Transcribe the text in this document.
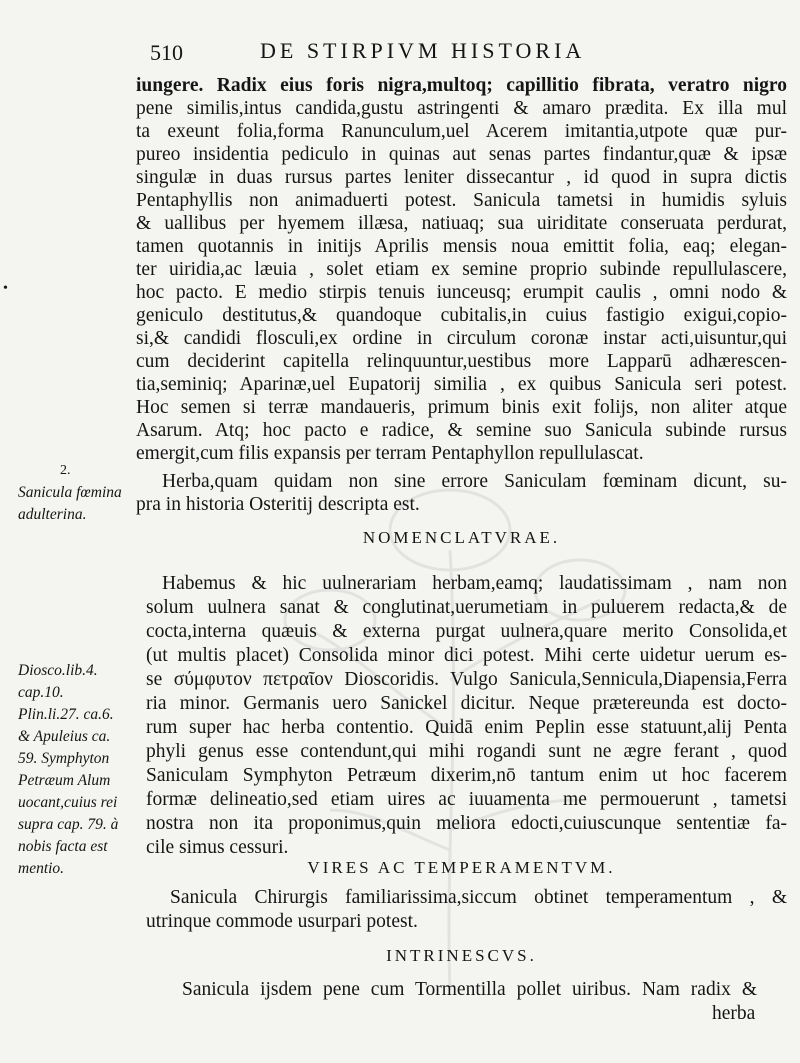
510	DE STIRPIVM HISTORIA
iungere. Radix eius foris nigra,multoq; capillitio fibrata, veratro nigro
pene similis,intus candida,gustu astringenti & amaro prædita. Ex illa mul
ta exeunt folia,forma Ranunculum,uel Acerem imitantia,utpote quæ pur-
pureo insidentia pediculo in quinas aut senas partes findantur,quæ & ipsæ
singulæ in duas rursus partes leniter dissecantur , id quod in supra dictis
Pentaphyllis non animaduerti potest. Sanicula tametsi in humidis syluis
& uallibus per hyemem illæsa, natiuaq; sua uiriditate conseruata perdurat,
tamen quotannis in initijs Aprilis mensis noua emittit folia, eaq; elegan-
ter uiridia,ac læuia , solet etiam ex semine proprio subinde repullulascere,
hoc pacto. E medio stirpis tenuis iunceusq; erumpit caulis , omni nodo &
geniculo destitutus,& quandoque cubitalis,in cuius fastigio exigui,copio-
si,& candidi flosculi,ex ordine in circulum coronæ instar acti,uisuntur,qui
cum deciderint capitella relinquuntur,uestibus more Lapparū adhærescen-
tia,seminiq; Aparinæ,uel Eupatorij similia , ex quibus Sanicula seri potest.
Hoc semen si terræ mandaueris, primum binis exit folijs, non aliter atque
Asarum. Atq; hoc pacto e radice, & semine suo Sanicula subinde rursus
emergit,cum filis expansis per terram Pentaphyllon repullulascat.
Herba,quam quidam non sine errore Saniculam fœminam dicunt, su-
pra in historia Osteritij descripta est.
NOMENCLATVRAE.
Habemus & hic uulnerariam herbam,eamq; laudatissimam , nam non
solum uulnera sanat & conglutinat,uerumetiam in puluerem redacta,& de
cocta,interna quæuis & externa purgat uulnera,quare merito Consolida,et
(ut multis placet) Consolida minor dici potest. Mihi certe uidetur uerum es-
se σύμφυτον πετραῖον Dioscoridis. Vulgo Sanicula,Sennicula,Diapensia,Ferra
ria minor. Germanis uero Sanickel dicitur. Neque prætereunda est docto-
rum super hac herba contentio. Quidā enim Peplin esse statuunt,alij Penta
phyli genus esse contendunt,qui mihi rogandi sunt ne ægre ferant , quod
Saniculam Symphyton Petræum dixerim,nō tantum enim ut hoc facerem
formæ delineatio,sed etiam uires ac iuuamenta me permouerunt , tametsi
nostra non ita proponimus,quin meliora edocti,cuiuscunque sententiæ fa-
cile simus cessuri.
VIRES AC TEMPERAMENTVM.
Sanicula Chirurgis familiarissima,siccum obtinet temperamentum , &
utrinque commode usurpari potest.
INTRINESCVS.
Sanicula ijsdem pene cum Tormentilla pollet uiribus. Nam radix &
herba
•
2.
Sanicula fœmina
adulterina.
Diosco.lib.4.
cap.10.
Plin.li.27. ca.6.
& Apuleius ca.
59. Symphyton
Petræum Alum
uocant,cuius rei
supra cap. 79. à
nobis facta est
mentio.
